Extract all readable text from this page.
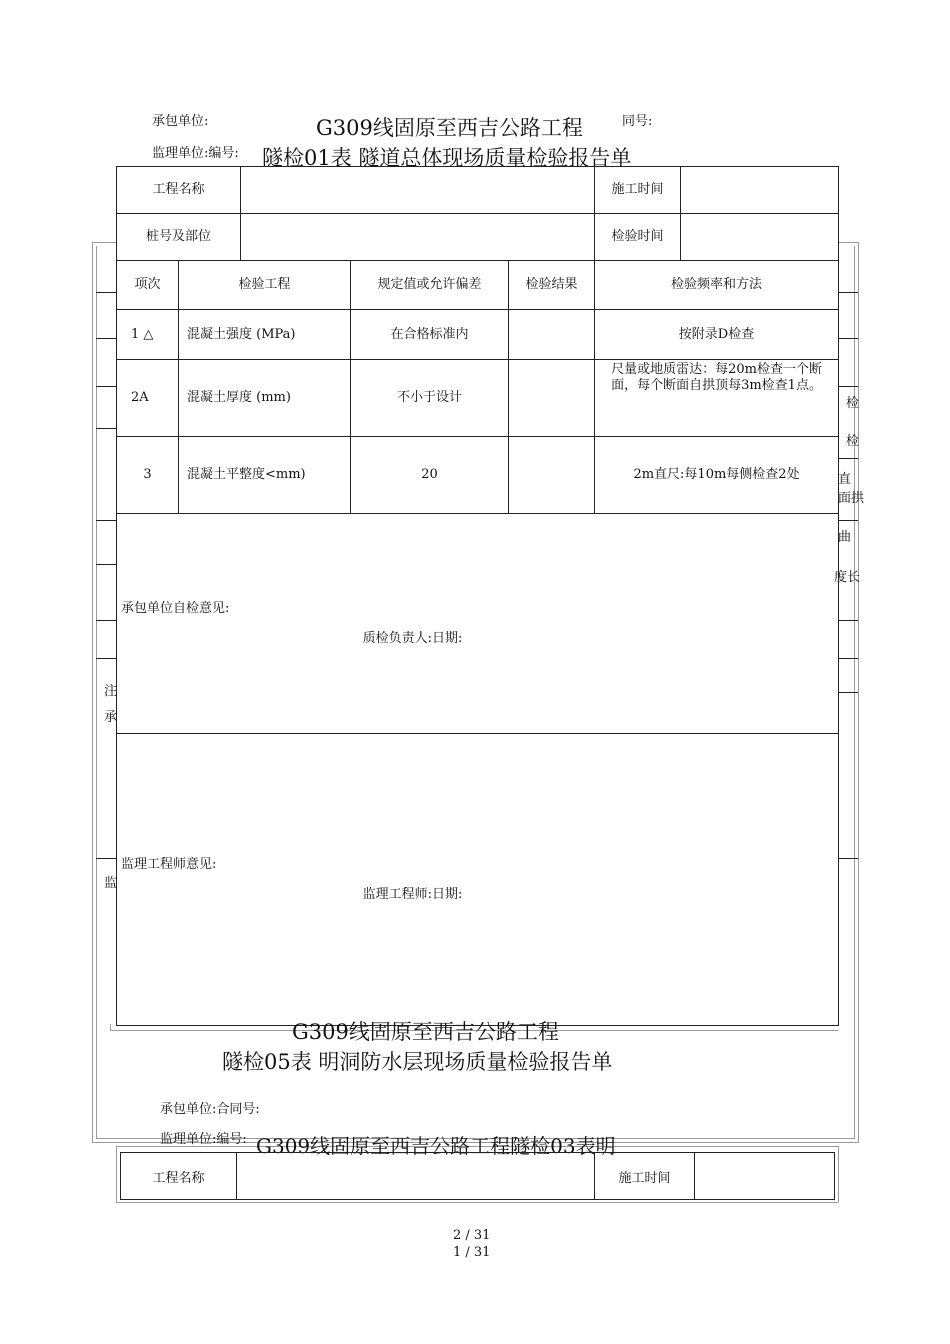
检
检
直
面拱
曲
度长
注
承
监
承包单位:	同号:
监理单位:编号:
G309线固原至西吉公路工程
隧检01表 隧道总体现场质量检验报告单
工程名称					施工时间	
桩号及部位					检验时间	
项次	检验工程		规定值或允许偏差	检验结果	检验频率和方法	
1 △	混凝土强度 (MPa)		在合格标准内		按附录D检查	
2A	混凝土厚度 (mm)		不小于设计		尺量或地质雷达：每20m检查一个断面，每个断面自拱顶每3m检查1点。	
3	混凝土平整度<mm)		20		2m直尺:每10m每侧检查2处	
承包单位自检意见:
质检负责人:日期:						

监理工程师意见:
监理工程师:日期:						
G309线固原至西吉公路工程
隧检05表 明洞防水层现场质量检验报告单
承包单位:合同号:
监理单位:编号: G309线固原至西吉公路工程隧检03表明
工程名称		施工时间	
2 / 31
1 / 31
